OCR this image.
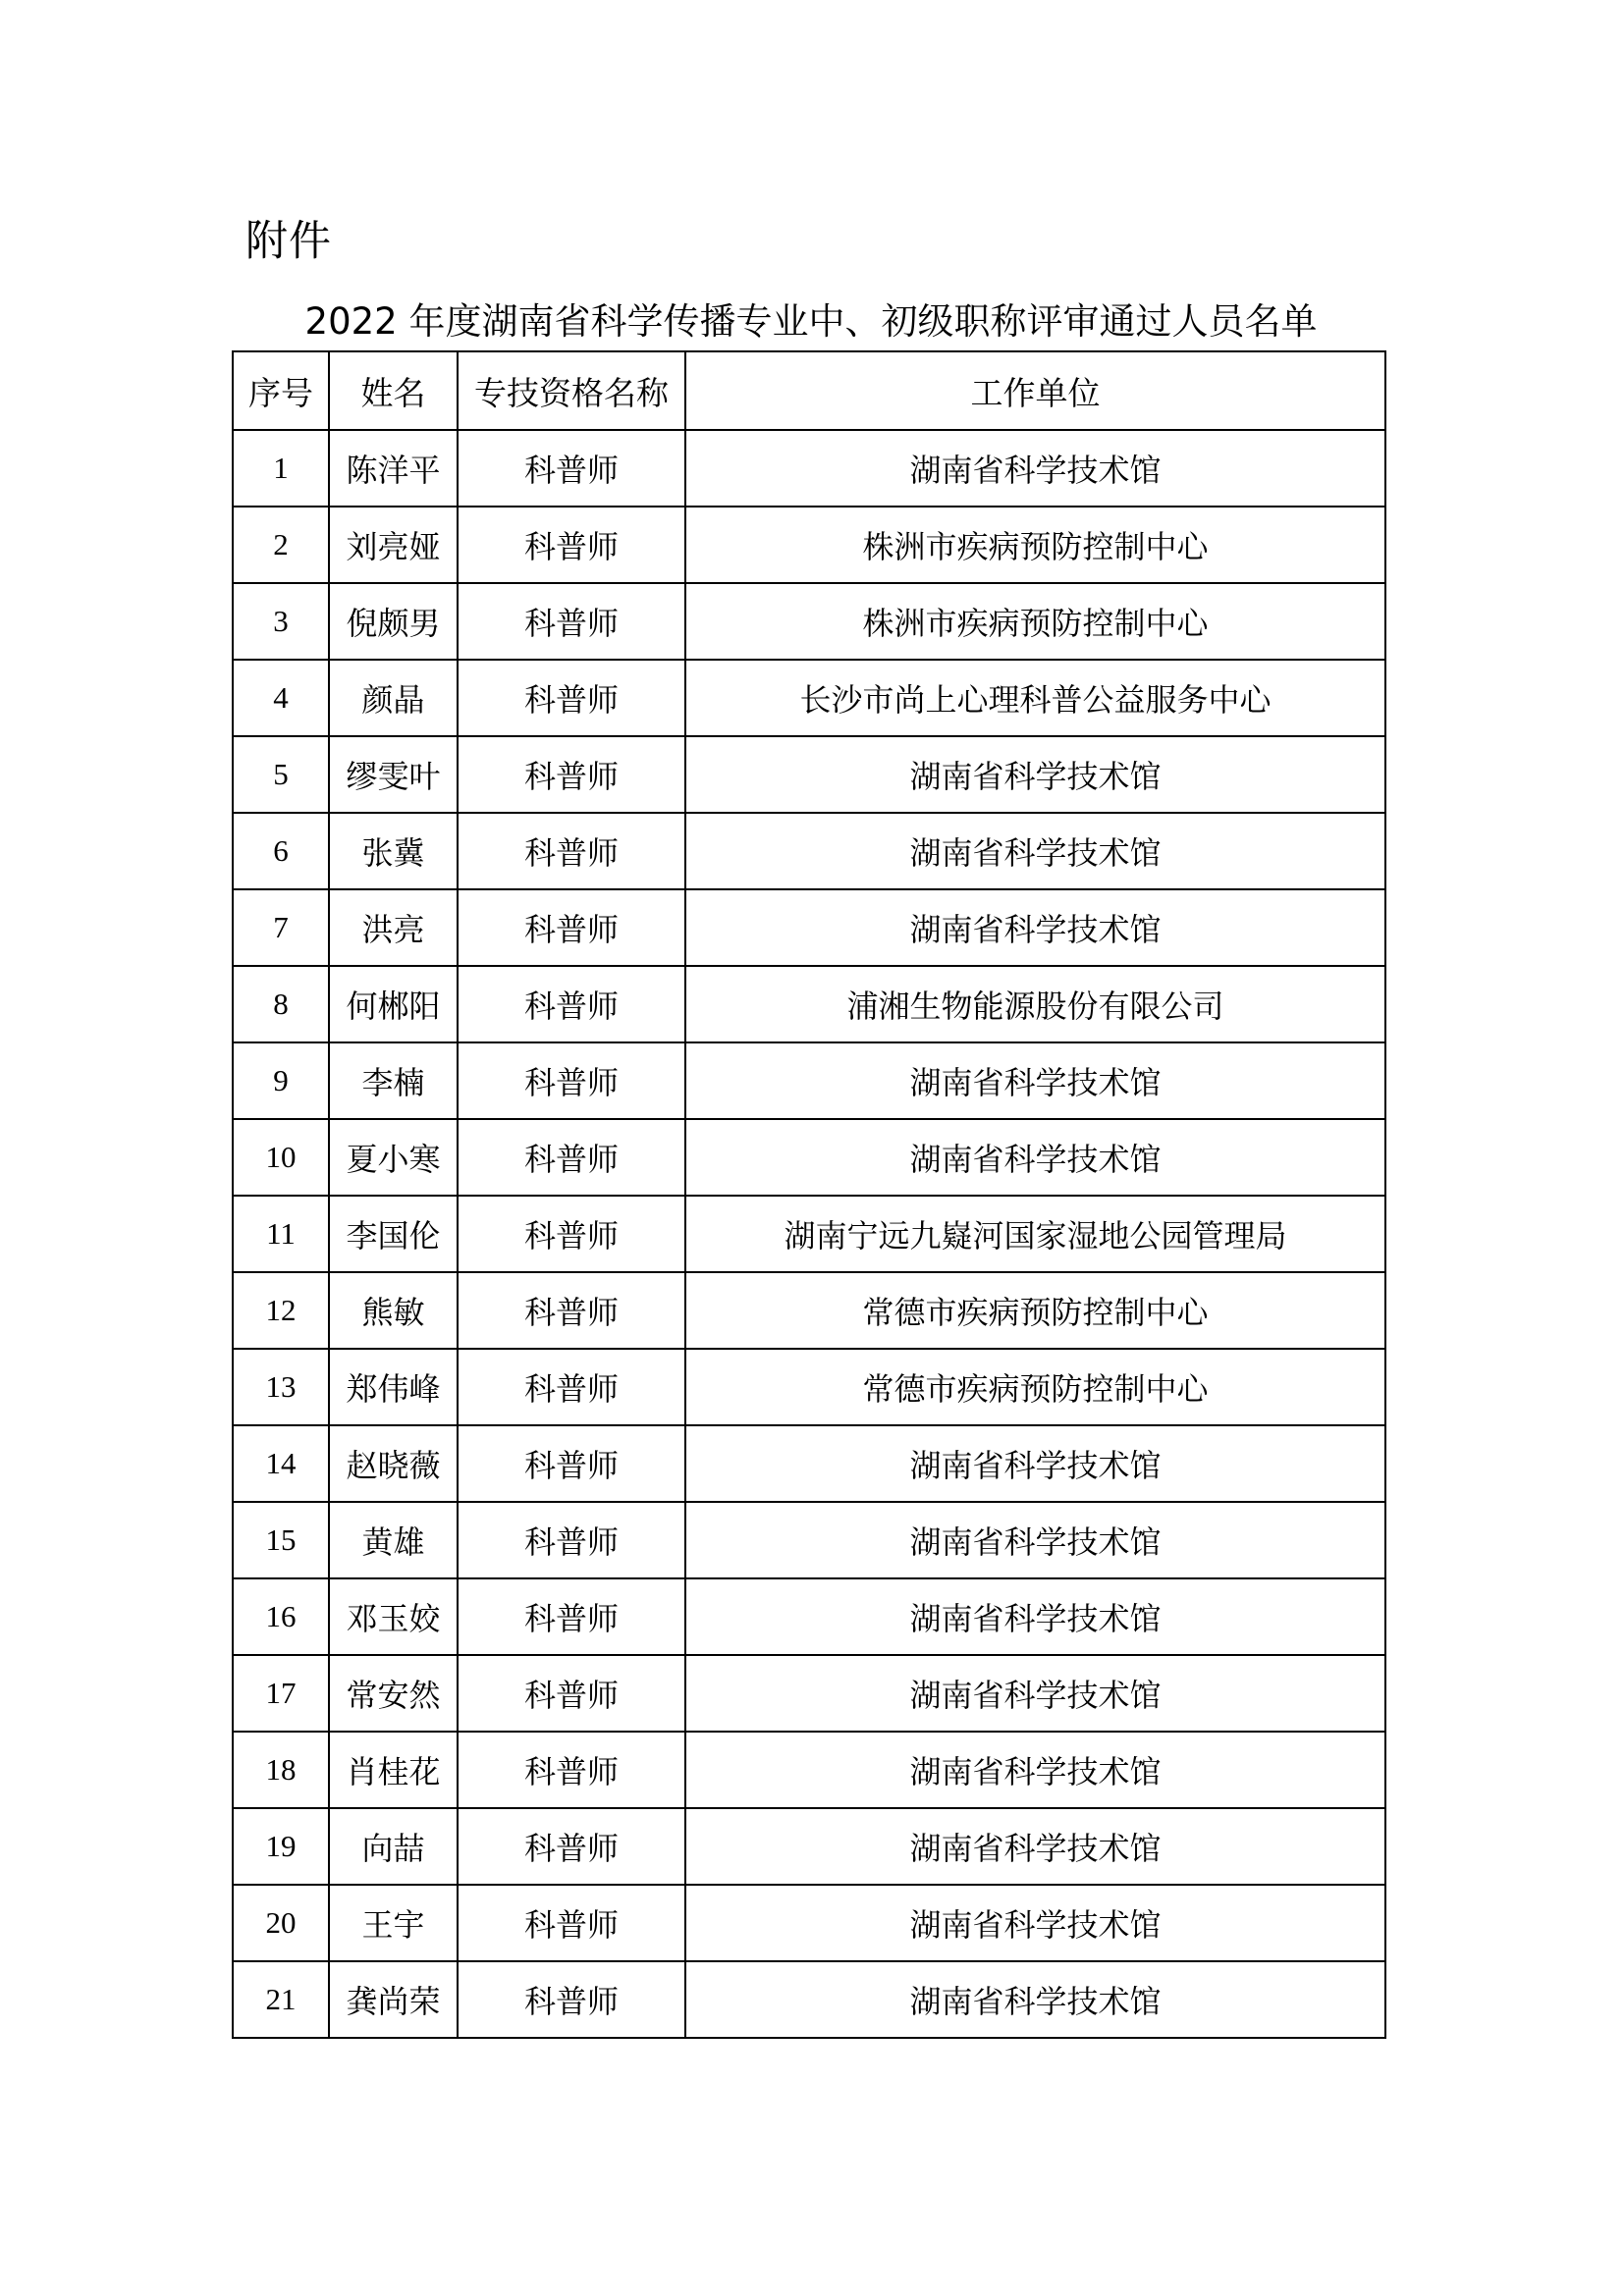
附件
2022 年度湖南省科学传播专业中、初级职称评审通过人员名单
序号	姓名	专技资格名称	工作单位
1	陈洋平	科普师	湖南省科学技术馆
2	刘亮娅	科普师	株洲市疾病预防控制中心
3	倪颇男	科普师	株洲市疾病预防控制中心
4	颜晶	科普师	长沙市尚上心理科普公益服务中心
5	缪雯叶	科普师	湖南省科学技术馆
6	张冀	科普师	湖南省科学技术馆
7	洪亮	科普师	湖南省科学技术馆
8	何郴阳	科普师	浦湘生物能源股份有限公司
9	李楠	科普师	湖南省科学技术馆
10	夏小寒	科普师	湖南省科学技术馆
11	李国伦	科普师	湖南宁远九嶷河国家湿地公园管理局
12	熊敏	科普师	常德市疾病预防控制中心
13	郑伟峰	科普师	常德市疾病预防控制中心
14	赵晓薇	科普师	湖南省科学技术馆
15	黄雄	科普师	湖南省科学技术馆
16	邓玉姣	科普师	湖南省科学技术馆
17	常安然	科普师	湖南省科学技术馆
18	肖桂花	科普师	湖南省科学技术馆
19	向喆	科普师	湖南省科学技术馆
20	王宇	科普师	湖南省科学技术馆
21	龚尚荣	科普师	湖南省科学技术馆
